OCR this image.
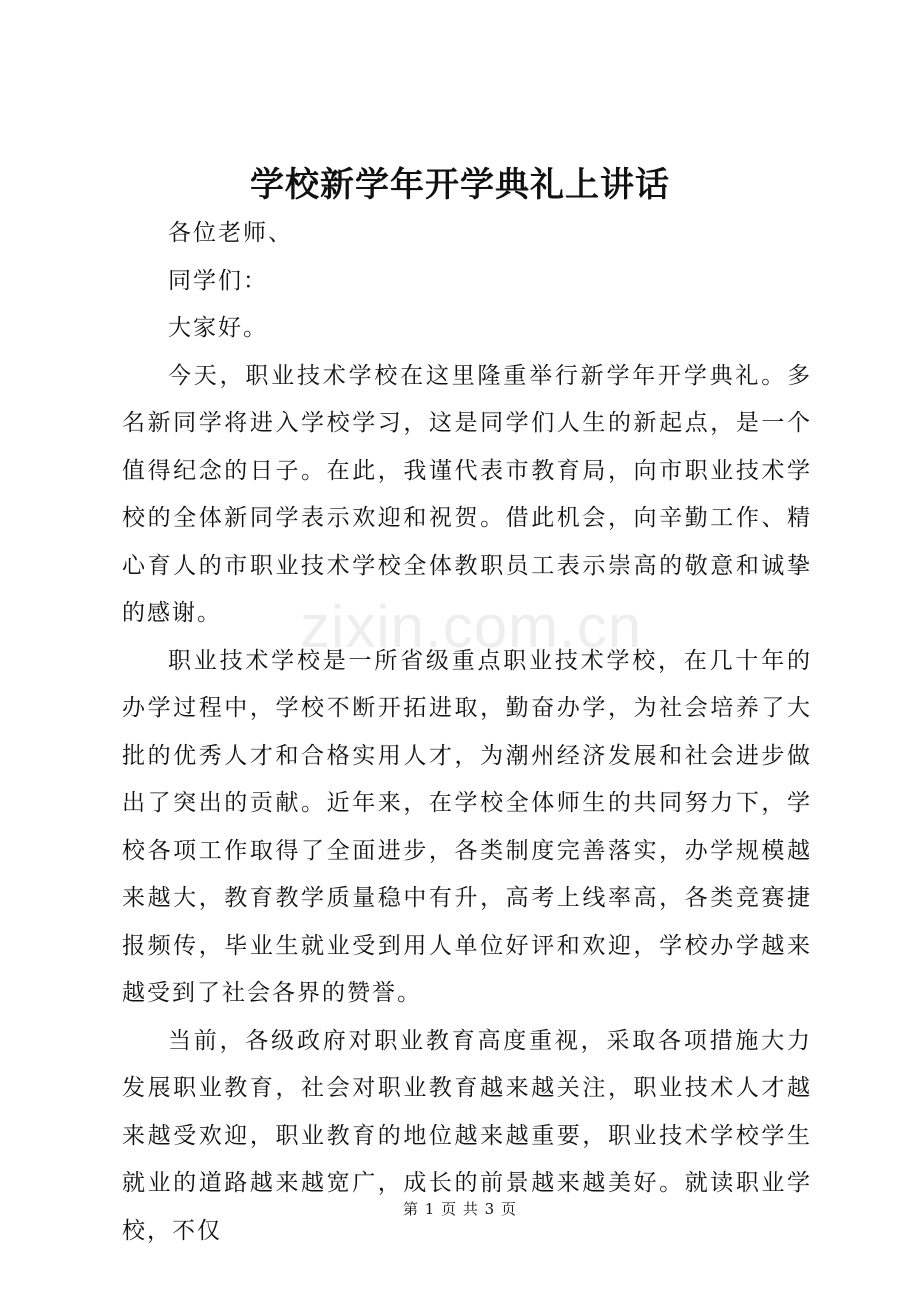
zixin.com.cn
学校新学年开学典礼上讲话

各位老师、

同学们：

大家好。

今天，职业技术学校在这里隆重举行新学年开学典礼。多名新同学将进入学校学习，这是同学们人生的新起点，是一个值得纪念的日子。在此，我谨代表市教育局，向市职业技术学校的全体新同学表示欢迎和祝贺。借此机会，向辛勤工作、精心育人的市职业技术学校全体教职员工表示崇高的敬意和诚挚的感谢。

职业技术学校是一所省级重点职业技术学校，在几十年的办学过程中，学校不断开拓进取，勤奋办学，为社会培养了大批的优秀人才和合格实用人才，为潮州经济发展和社会进步做出了突出的贡献。近年来，在学校全体师生的共同努力下，学校各项工作取得了全面进步，各类制度完善落实，办学规模越来越大，教育教学质量稳中有升，高考上线率高，各类竞赛捷报频传，毕业生就业受到用人单位好评和欢迎，学校办学越来越受到了社会各界的赞誉。

当前，各级政府对职业教育高度重视，采取各项措施大力发展职业教育，社会对职业教育越来越关注，职业技术人才越来越受欢迎，职业教育的地位越来越重要，职业技术学校学生就业的道路越来越宽广，成长的前景越来越美好。就读职业学校，不仅

第 1 页 共 3 页
